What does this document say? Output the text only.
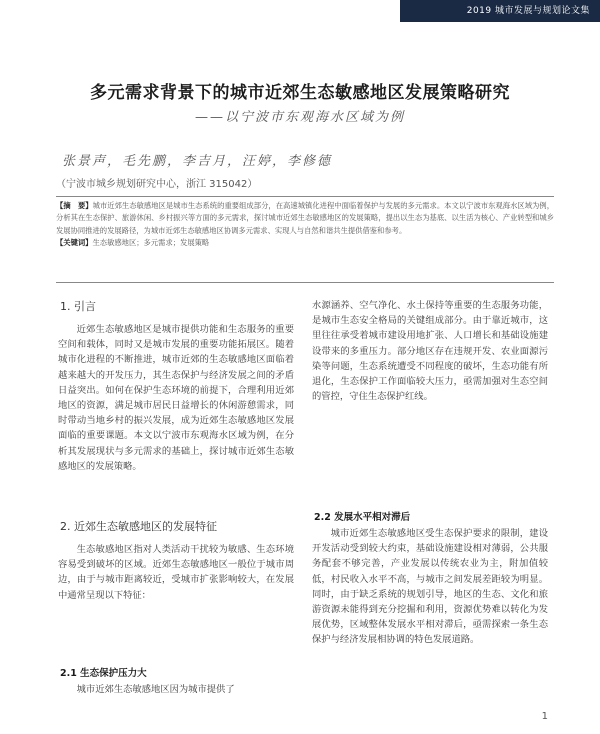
2019 城市发展与规划论文集
多元需求背景下的城市近郊生态敏感地区发展策略研究
——以宁波市东观海水区域为例
张景声，毛先鹏，李吉月，汪婷，李修德
（宁波市城乡规划研究中心，浙江 315042）
【摘　要】城市近郊生态敏感地区是城市生态系统的重要组成部分，在高速城镇化进程中面临着保护与发展的多元需求。本文以宁波市东观海水区域为例，分析其在生态保护、旅游休闲、乡村振兴等方面的多元需求，探讨城市近郊生态敏感地区的发展策略，提出以生态为基底、以生活为核心、产业转型和城乡发展协同推进的发展路径，为城市近郊生态敏感地区协调多元需求、实现人与自然和谐共生提供借鉴和参考。
【关键词】生态敏感地区；多元需求；发展策略
1. 引言

近郊生态敏感地区是城市提供功能和生态服务的重要空间和载体，同时又是城市发展的重要功能拓展区。随着城市化进程的不断推进，城市近郊的生态敏感地区面临着越来越大的开发压力，其生态保护与经济发展之间的矛盾日益突出。如何在保护生态环境的前提下，合理利用近郊地区的资源，满足城市居民日益增长的休闲游憩需求，同时带动当地乡村的振兴发展，成为近郊生态敏感地区发展面临的重要课题。本文以宁波市东观海水区域为例，在分析其发展现状与多元需求的基础上，探讨城市近郊生态敏感地区的发展策略。

2. 近郊生态敏感地区的发展特征

生态敏感地区指对人类活动干扰较为敏感、生态环境容易受到破坏的区域。近郊生态敏感地区一般位于城市周边，由于与城市距离较近，受城市扩张影响较大，在发展中通常呈现以下特征：

2.1 生态保护压力大

城市近郊生态敏感地区因为城市提供了

水源涵养、空气净化、水土保持等重要的生态服务功能，是城市生态安全格局的关键组成部分。由于靠近城市，这里往往承受着城市建设用地扩张、人口增长和基础设施建设带来的多重压力。部分地区存在违规开发、农业面源污染等问题，生态系统遭受不同程度的破坏，生态功能有所退化，生态保护工作面临较大压力，亟需加强对生态空间的管控，守住生态保护红线。

2.2 发展水平相对滞后

城市近郊生态敏感地区受生态保护要求的限制，建设开发活动受到较大约束，基础设施建设相对薄弱，公共服务配套不够完善，产业发展以传统农业为主，附加值较低，村民收入水平不高，与城市之间发展差距较为明显。同时，由于缺乏系统的规划引导，地区的生态、文化和旅游资源未能得到充分挖掘和利用，资源优势难以转化为发展优势，区域整体发展水平相对滞后，亟需探索一条生态保护与经济发展相协调的特色发展道路。

1
